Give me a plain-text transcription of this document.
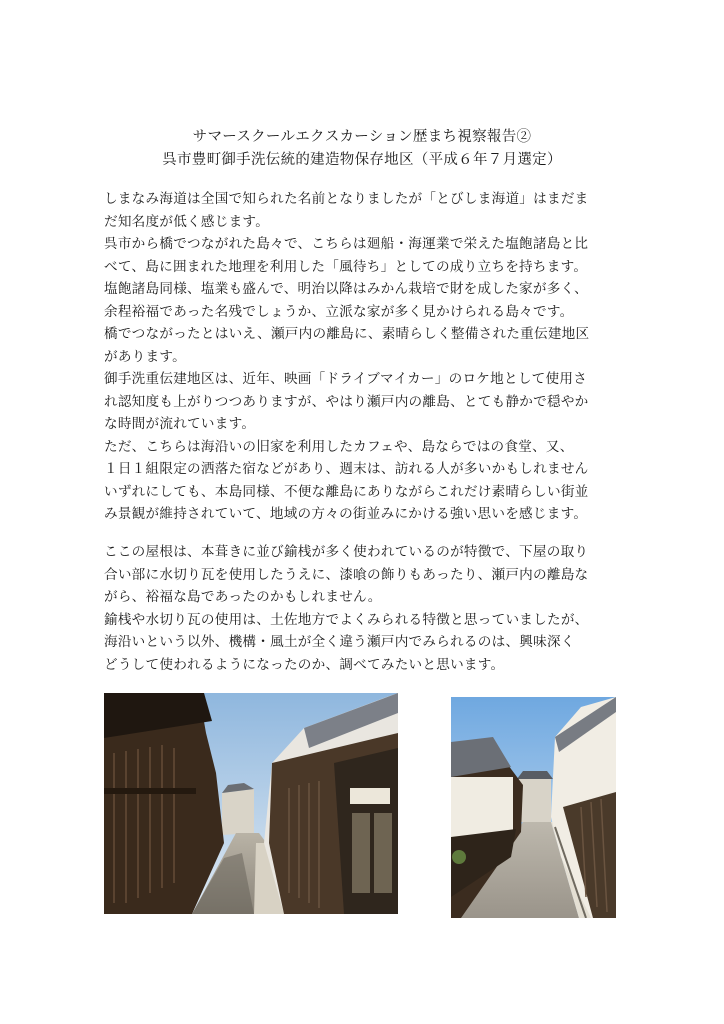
サマースクールエクスカーション歴まち視察報告②
呉市豊町御手洗伝統的建造物保存地区（平成６年７月選定）

しまなみ海道は全国で知られた名前となりましたが「とびしま海道」はまだま

だ知名度が低く感じます。

呉市から橋でつながれた島々で、こちらは廻船・海運業で栄えた塩飽諸島と比

べて、島に囲まれた地理を利用した「風待ち」としての成り立ちを持ちます。

塩飽諸島同様、塩業も盛んで、明治以降はみかん栽培で財を成した家が多く、

余程裕福であった名残でしょうか、立派な家が多く見かけられる島々です。

橋でつながったとはいえ、瀬戸内の離島に、素晴らしく整備された重伝建地区

があります。

御手洗重伝建地区は、近年、映画「ドライブマイカー」のロケ地として使用さ

れ認知度も上がりつつありますが、やはり瀬戸内の離島、とても静かで穏やか

な時間が流れています。

ただ、こちらは海沿いの旧家を利用したカフェや、島ならではの食堂、又、

１日１組限定の洒落た宿などがあり、週末は、訪れる人が多いかもしれません

いずれにしても、本島同様、不便な離島にありながらこれだけ素晴らしい街並

み景観が維持されていて、地域の方々の街並みにかける強い思いを感じます。

ここの屋根は、本葺きに並び鍮桟が多く使われているのが特徴で、下屋の取り

合い部に水切り瓦を使用したうえに、漆喰の飾りもあったり、瀬戸内の離島な

がら、裕福な島であったのかもしれません。

鍮桟や水切り瓦の使用は、土佐地方でよくみられる特徴と思っていましたが、

海沿いという以外、機構・風土が全く違う瀬戸内でみられるのは、興味深く

どうして使われるようになったのか、調べてみたいと思います。
